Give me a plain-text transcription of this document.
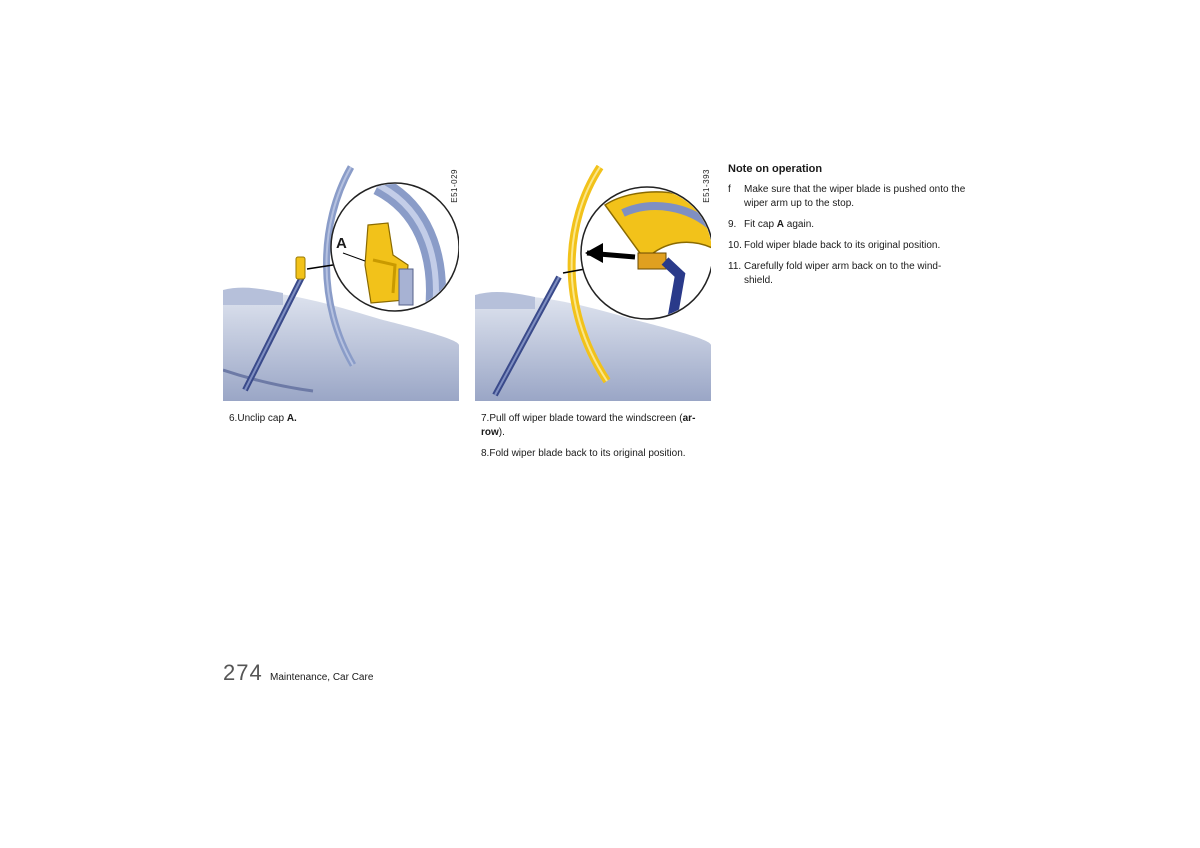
E51-029
A
E51-393
6.Unclip cap A.	7.Pull off wiper blade toward the windscreen (ar-row).
8.Fold wiper blade back to its original position.
Note on operation
f Make sure that the wiper blade is pushed onto the wiper arm up to the stop.
9. Fit cap A again.
10. Fold wiper blade back to its original position.
11. Carefully fold wiper arm back on to the wind-shield.
274 Maintenance, Car Care
